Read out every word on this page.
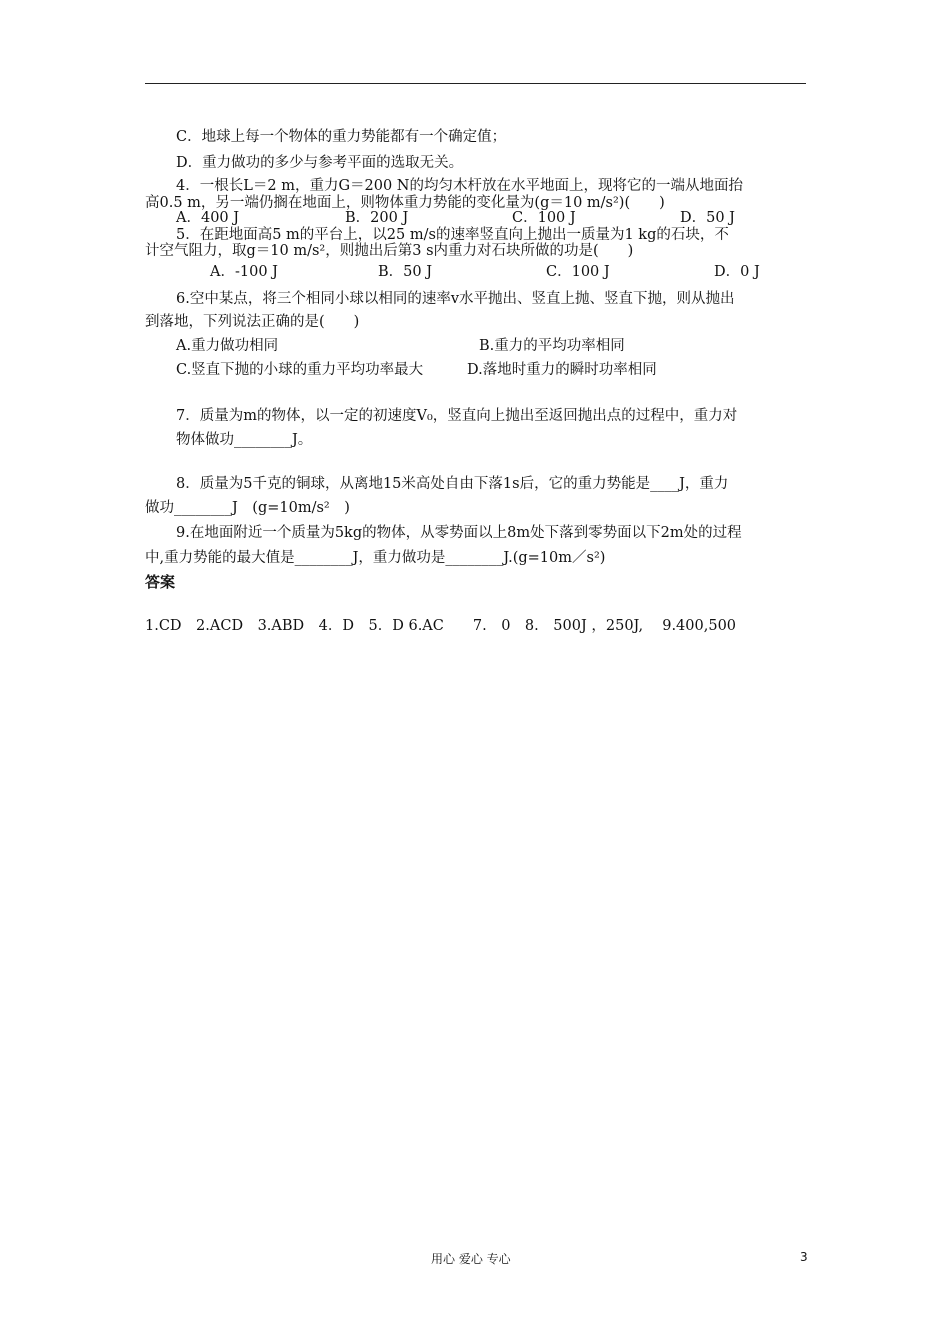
C．地球上每一个物体的重力势能都有一个确定值；
D．重力做功的多少与参考平面的选取无关。
4．一根长L＝2 m，重力G＝200 N的均匀木杆放在水平地面上，现将它的一端从地面抬
高0.5 m，另一端仍搁在地面上，则物体重力势能的变化量为(g＝10 m/s²)(　　)
A．400 J	B．200 J	C．100 J	D．50 J
5．在距地面高5 m的平台上，以25 m/s的速率竖直向上抛出一质量为1 kg的石块，不
计空气阻力，取g＝10 m/s²，则抛出后第3 s内重力对石块所做的功是(　　)
A．-100 J	B．50 J	C．100 J	D．0 J
6.空中某点，将三个相同小球以相同的速率v水平抛出、竖直上抛、竖直下抛，则从抛出
到落地，下列说法正确的是(　　)
A.重力做功相同	B.重力的平均功率相同
C.竖直下抛的小球的重力平均功率最大	D.落地时重力的瞬时功率相同
7．质量为m的物体，以一定的初速度V₀，竖直向上抛出至返回抛出点的过程中，重力对
物体做功________J。
8．质量为5千克的铜球，从离地15米高处自由下落1s后，它的重力势能是____J，重力
做功________J　(g=10m/s²　)
9.在地面附近一个质量为5kg的物体，从零势面以上8m处下落到零势面以下2m处的过程
中,重力势能的最大值是________J，重力做功是________J.(g=10m／s²)
答案
1.CD　2.ACD　3.ABD　4．D　5．D 6.AC　　7.　0　8.　500J ，250J,　 9.400,500
用心 爱心 专心	3
